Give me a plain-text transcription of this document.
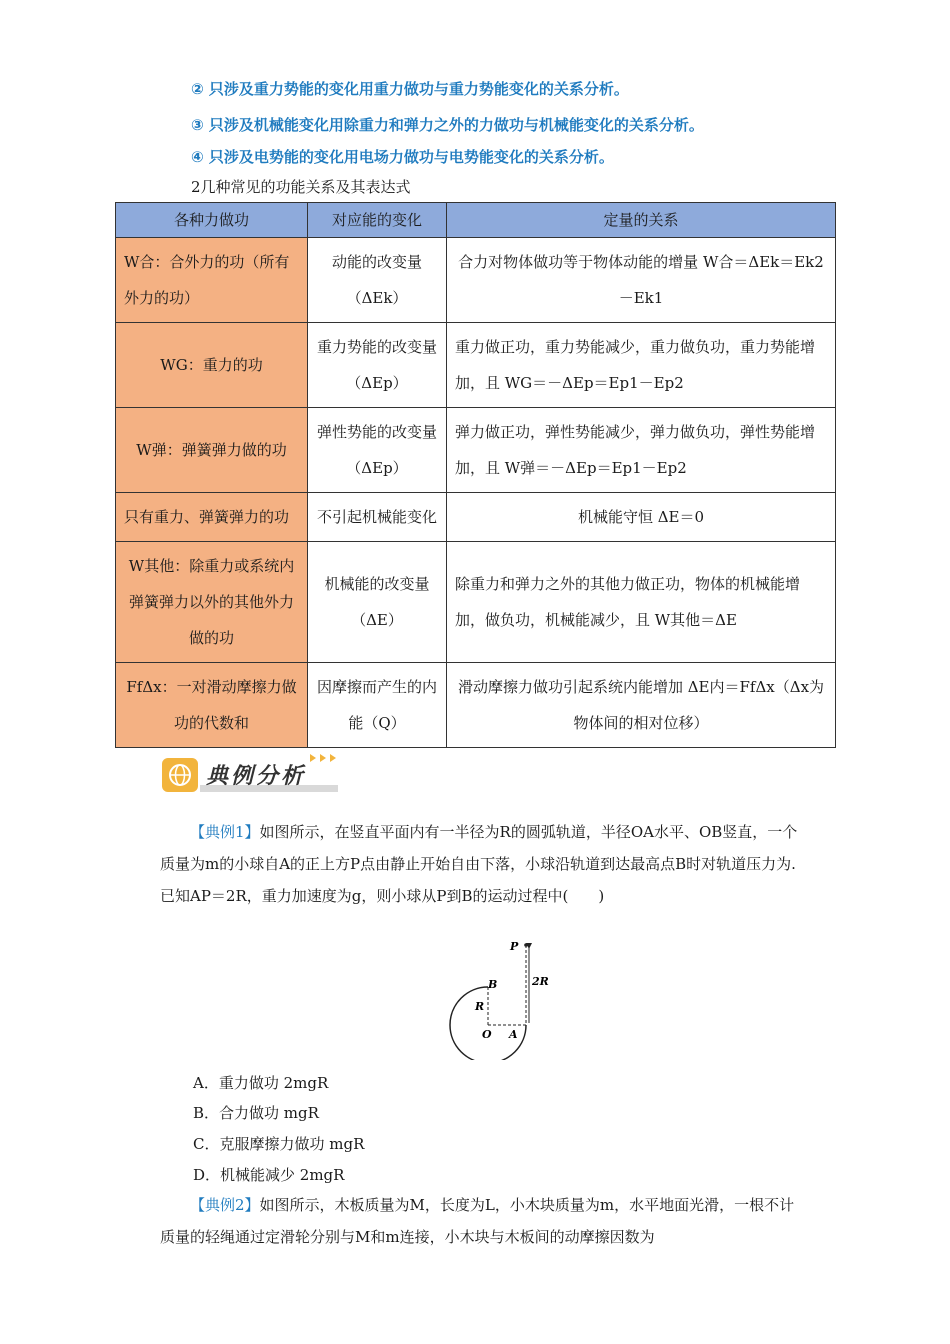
② 只涉及重力势能的变化用重力做功与重力势能变化的关系分析。
③ 只涉及机械能变化用除重力和弹力之外的力做功与机械能变化的关系分析。
④ 只涉及电势能的变化用电场力做功与电势能变化的关系分析。
2几种常见的功能关系及其表达式
各种力做功	对应能的变化	定量的关系
W合：合外力的功（所有外力的功）	动能的改变量（ΔEk）	合力对物体做功等于物体动能的增量 W合＝ΔEk＝Ek2－Ek1
WG：重力的功	重力势能的改变量（ΔEp）	重力做正功，重力势能减少，重力做负功，重力势能增加，且 WG＝－ΔEp＝Ep1－Ep2
W弹：弹簧弹力做的功	弹性势能的改变量（ΔEp）	弹力做正功，弹性势能减少，弹力做负功，弹性势能增加，且 W弹＝－ΔEp＝Ep1－Ep2
只有重力、弹簧弹力的功	不引起机械能变化	机械能守恒 ΔE＝0
W其他：除重力或系统内弹簧弹力以外的其他外力做的功	机械能的改变量（ΔE）	除重力和弹力之外的其他力做正功，物体的机械能增加，做负功，机械能减少，且 W其他＝ΔE
FfΔx：一对滑动摩擦力做功的代数和	因摩擦而产生的内能（Q）	滑动摩擦力做功引起系统内能增加 ΔE内＝FfΔx（Δx为物体间的相对位移）
典例分析
【典例1】如图所示，在竖直平面内有一半径为R的圆弧轨道，半径OA水平、OB竖直，一个质量为m的小球自A的正上方P点由静止开始自由下落，小球沿轨道到达最高点B时对轨道压力为.已知AP＝2R，重力加速度为g，则小球从P到B的运动过程中(　　)
P
B
R
O A
2R
A．重力做功 2mgR
B．合力做功 mgR
C．克服摩擦力做功 mgR
D．机械能减少 2mgR
【典例2】如图所示，木板质量为M，长度为L，小木块质量为m，水平地面光滑，一根不计质量的轻绳通过定滑轮分别与M和m连接，小木块与木板间的动摩擦因数为
